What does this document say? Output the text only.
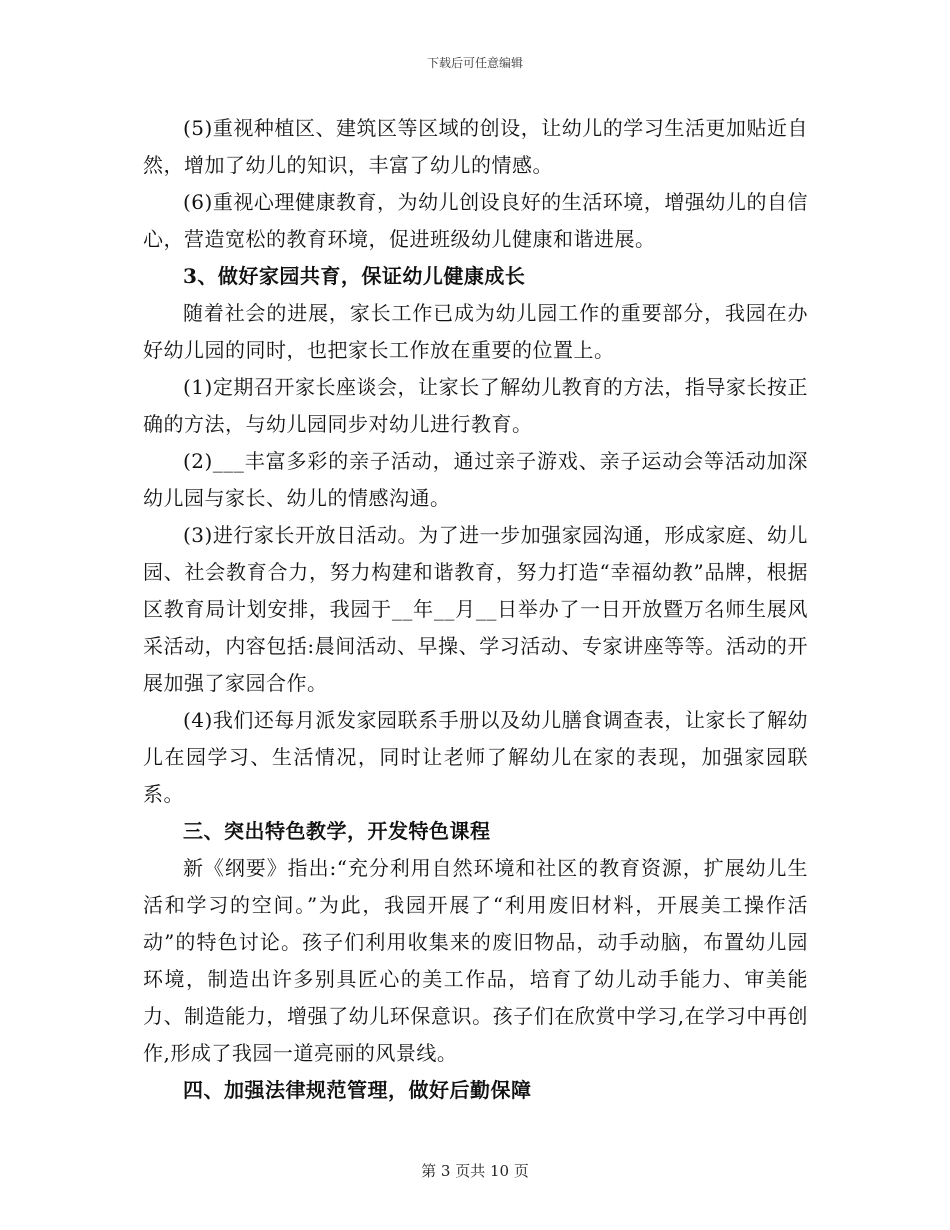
下载后可任意编辑

(5)重视种植区、建筑区等区域的创设，让幼儿的学习生活更加贴近自然，增加了幼儿的知识，丰富了幼儿的情感。

(6)重视心理健康教育，为幼儿创设良好的生活环境，增强幼儿的自信心，营造宽松的教育环境，促进班级幼儿健康和谐进展。

3、做好家园共育，保证幼儿健康成长

随着社会的进展，家长工作已成为幼儿园工作的重要部分，我园在办好幼儿园的同时，也把家长工作放在重要的位置上。

(1)定期召开家长座谈会，让家长了解幼儿教育的方法，指导家长按正确的方法，与幼儿园同步对幼儿进行教育。

(2)___丰富多彩的亲子活动，通过亲子游戏、亲子运动会等活动加深幼儿园与家长、幼儿的情感沟通。

(3)进行家长开放日活动。为了进一步加强家园沟通，形成家庭、幼儿园、社会教育合力，努力构建和谐教育，努力打造“幸福幼教”品牌，根据区教育局计划安排，我园于__年__月__日举办了一日开放暨万名师生展风采活动，内容包括:晨间活动、早操、学习活动、专家讲座等等。活动的开展加强了家园合作。

(4)我们还每月派发家园联系手册以及幼儿膳食调查表，让家长了解幼儿在园学习、生活情况，同时让老师了解幼儿在家的表现，加强家园联系。

三、突出特色教学，开发特色课程

新《纲要》指出:“充分利用自然环境和社区的教育资源，扩展幼儿生活和学习的空间。”为此，我园开展了“利用废旧材料，开展美工操作活动”的特色讨论。孩子们利用收集来的废旧物品，动手动脑，布置幼儿园环境，制造出许多别具匠心的美工作品，培育了幼儿动手能力、审美能力、制造能力，增强了幼儿环保意识。孩子们在欣赏中学习,在学习中再创作,形成了我园一道亮丽的风景线。

四、加强法律规范管理，做好后勤保障

第 3 页共 10 页
